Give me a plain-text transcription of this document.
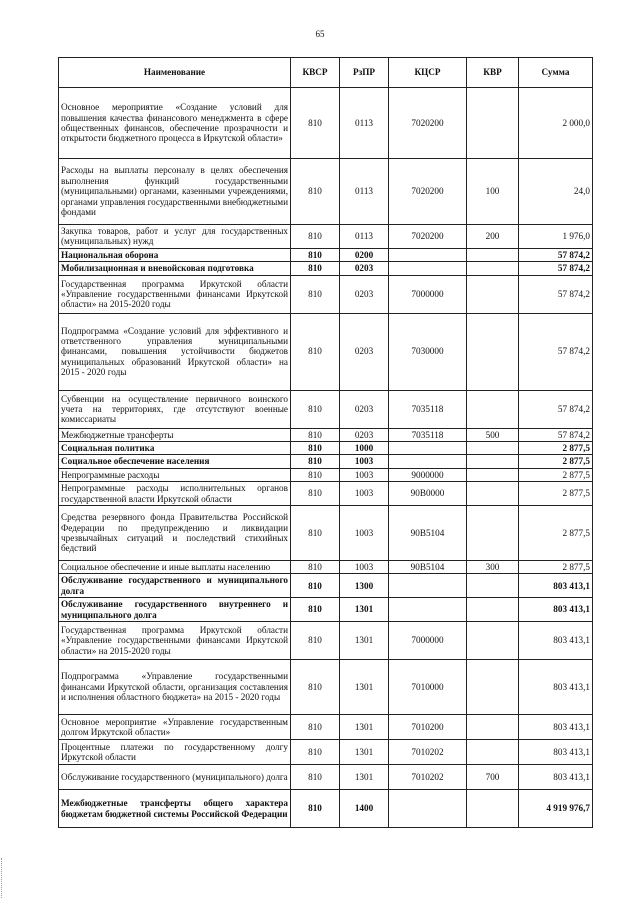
65
Наименование	КВСР	РзПР	КЦСР	КВР	Сумма
Основное мероприятие «Создание условий для повышения качества финансового менеджмента в сфере общественных финансов, обеспечение прозрачности и открытости бюджетного процесса в Иркутской области»	810	0113	7020200		2 000,0
Расходы на выплаты персоналу в целях обеспечения выполнения функций государственными (муниципальными) органами, казенными учреждениями, органами управления государственными внебюджетными фондами	810	0113	7020200	100	24,0
Закупка товаров, работ и услуг для государственных (муниципальных) нужд	810	0113	7020200	200	1 976,0
Национальная оборона	810	0200			57 874,2
Мобилизационная и вневойсковая подготовка	810	0203			57 874,2
Государственная программа Иркутской области «Управление государственными финансами Иркутской области» на 2015-2020 годы	810	0203	7000000		57 874,2
Подпрограмма «Создание условий для эффективного и ответственного управления муниципальными финансами, повышения устойчивости бюджетов муниципальных образований Иркутской области» на 2015 - 2020 годы	810	0203	7030000		57 874,2
Субвенции на осуществление первичного воинского учета на территориях, где отсутствуют военные комиссариаты	810	0203	7035118		57 874,2
Межбюджетные трансферты	810	0203	7035118	500	57 874,2
Социальная политика	810	1000			2 877,5
Социальное обеспечение населения	810	1003			2 877,5
Непрограммные расходы	810	1003	9000000		2 877,5
Непрограммные расходы исполнительных органов государственной власти Иркутской области	810	1003	90В0000		2 877,5
Средства резервного фонда Правительства Российской Федерации по предупреждению и ликвидации чрезвычайных ситуаций и последствий стихийных бедствий	810	1003	90В5104		2 877,5
Социальное обеспечение и иные выплаты населению	810	1003	90В5104	300	2 877,5
Обслуживание государственного и муниципального долга	810	1300			803 413,1
Обслуживание государственного внутреннего и муниципального долга	810	1301			803 413,1
Государственная программа Иркутской области «Управление государственными финансами Иркутской области» на 2015-2020 годы	810	1301	7000000		803 413,1
Подпрограмма «Управление государственными финансами Иркутской области, организация составления и исполнения областного бюджета» на 2015 - 2020 годы	810	1301	7010000		803 413,1
Основное мероприятие «Управление государственным долгом Иркутской области»	810	1301	7010200		803 413,1
Процентные платежи по государственному долгу Иркутской области	810	1301	7010202		803 413,1
Обслуживание государственного (муниципального) долга	810	1301	7010202	700	803 413,1
Межбюджетные трансферты общего характера бюджетам бюджетной системы Российской Федерации	810	1400			4 919 976,7
